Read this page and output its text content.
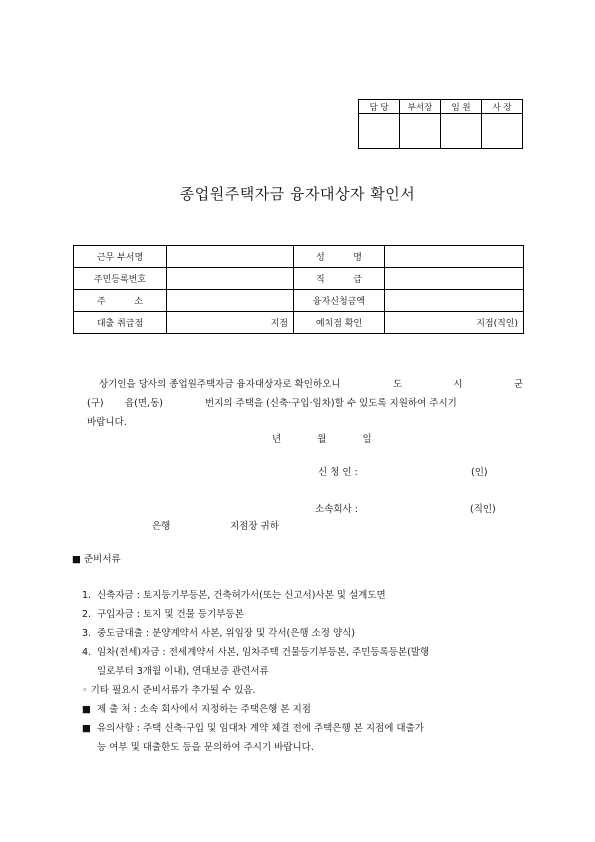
담 당	부서장	임 원	사 장

종업원주택자금 융자대상자 확인서
근무 부서명		성          명	
주민등록번호		직          급	
주          소		융자신청금액	
대출 취급점	지점	예치점 확인	지점(직인)
상기인을 당사의 종업원주택자금 융자대상자로 확인하오니	도	시	군
(구)	읍(면,동)	번지의 주택을 (신축·구입·임차)할 수 있도록 지원하여 주시기
바랍니다.
년	월	일
신 청 인 :	(인)
소속회사 :	(직인)
은행	지점장 귀하
■ 준비서류
1. 신축자금 : 토지등기부등본, 건축허가서(또는 신고서)사본 및 설계도면
2. 구입자금 : 토지 및 건물 등기부등본
3. 중도금대출 : 분양계약서 사본, 위임장 및 각서(은행 소정 양식)
4. 임차(전세)자금 : 전세계약서 사본, 임차주택 건물등기부등본, 주민등록등본(발행
일로부터 3개월 이내), 연대보증 관련서류
◦ 기타 필요시 준비서류가 추가될 수 있음.
■ 제 출 처 : 소속 회사에서 지정하는 주택은행 본 지점
■ 유의사항 : 주택 신축·구입 및 임대차 계약 체결 전에 주택은행 본 지점에 대출가
능 여부 및 대출한도 등을 문의하여 주시기 바랍니다.
